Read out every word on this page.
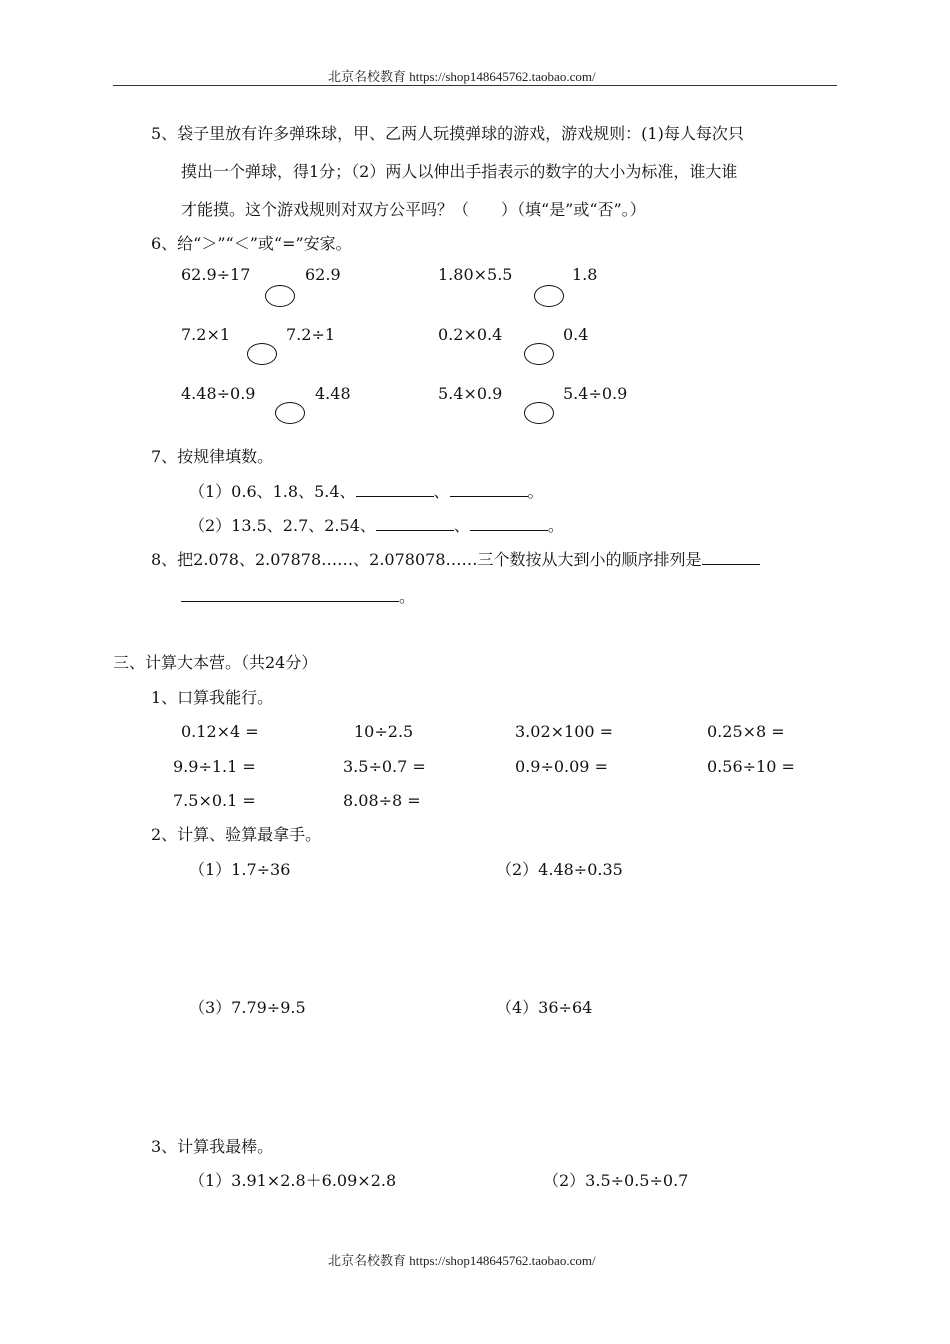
北京名校教育 https://shop148645762.taobao.com/
5、袋子里放有许多弹珠球，甲、乙两人玩摸弹球的游戏，游戏规则：(1)每人每次只
摸出一个弹球，得1分；（2）两人以伸出手指表示的数字的大小为标准，谁大谁
才能摸。这个游戏规则对双方公平吗？（　　）（填“是”或“否”。）
6、给“＞”“＜”或“=”安家。
62.9÷17	62.9	1.80×5.5	1.8
7.2×1	7.2÷1	0.2×0.4	0.4
4.48÷0.9	4.48	5.4×0.9	5.4÷0.9
7、按规律填数。
（1）0.6、1.8、5.4、	、	。
（2）13.5、2.7、2.54、	、	。
8、把2.078、2.07878……、2.078078……三个数按从大到小的顺序排列是
。
三、计算大本营。（共24分）
1、口算我能行。
0.12×4 =	10÷2.5	3.02×100 =	0.25×8 =
9.9÷1.1 =	3.5÷0.7 =	0.9÷0.09 =	0.56÷10 =
7.5×0.1 =	8.08÷8 =
2、计算、验算最拿手。
（1）1.7÷36	（2）4.48÷0.35
（3）7.79÷9.5	（4）36÷64
3、计算我最棒。
（1）3.91×2.8＋6.09×2.8	（2）3.5÷0.5÷0.7
北京名校教育 https://shop148645762.taobao.com/
